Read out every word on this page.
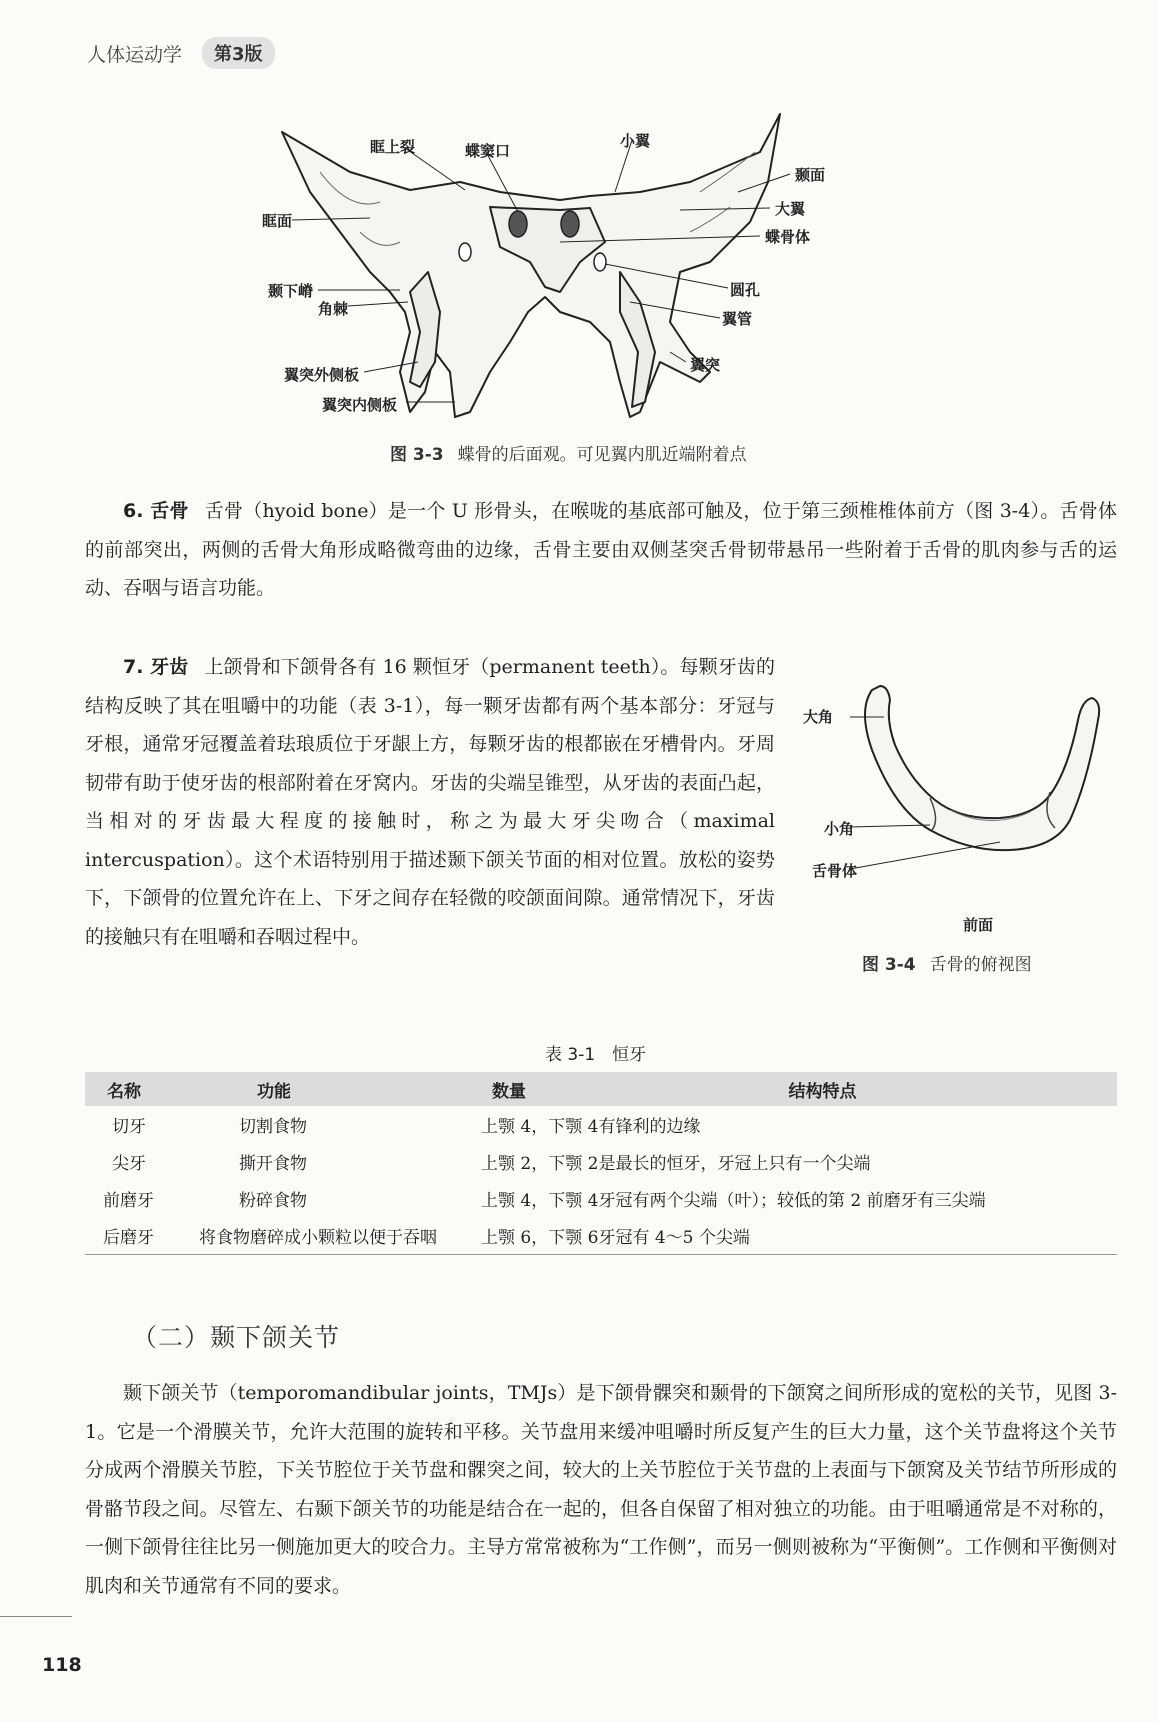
人体运动学	第3版
眶上裂	蝶窦口
小翼
颞面
大翼
蝶骨体
眶面
颞下嵴
角棘
圆孔
翼管
翼突
翼突外侧板
翼突内侧板
图 3-3 蝶骨的后面观。可见翼内肌近端附着点
6. 舌骨 舌骨（hyoid bone）是一个 U 形骨头，在喉咙的基底部可触及，位于第三颈椎椎体前方（图 3-4）。舌骨体的前部突出，两侧的舌骨大角形成略微弯曲的边缘，舌骨主要由双侧茎突舌骨韧带悬吊一些附着于舌骨的肌肉参与舌的运动、吞咽与语言功能。
7. 牙齿 上颌骨和下颌骨各有 16 颗恒牙（permanent teeth）。每颗牙齿的结构反映了其在咀嚼中的功能（表 3-1），每一颗牙齿都有两个基本部分：牙冠与牙根，通常牙冠覆盖着珐琅质位于牙龈上方，每颗牙齿的根都嵌在牙槽骨内。牙周韧带有助于使牙齿的根部附着在牙窝内。牙齿的尖端呈锥型，从牙齿的表面凸起，当相对的牙齿最大程度的接触时，称之为最大牙尖吻合（maximal intercuspation）。这个术语特别用于描述颞下颌关节面的相对位置。放松的姿势下，下颌骨的位置允许在上、下牙之间存在轻微的咬颌面间隙。通常情况下，牙齿的接触只有在咀嚼和吞咽过程中。
大角
小角
舌骨体
前面
图 3-4 舌骨的俯视图
表 3-1　恒牙
名称	功能	数量	结构特点
切牙	切割食物	上颚 4，下颚 4	有锋利的边缘
尖牙	撕开食物	上颚 2，下颚 2	是最长的恒牙，牙冠上只有一个尖端
前磨牙	粉碎食物	上颚 4，下颚 4	牙冠有两个尖端（叶）；较低的第 2 前磨牙有三尖端
后磨牙	将食物磨碎成小颗粒以便于吞咽	上颚 6，下颚 6	牙冠有 4～5 个尖端
（二）颞下颌关节
颞下颌关节（temporomandibular joints，TMJs）是下颌骨髁突和颞骨的下颌窝之间所形成的宽松的关节，见图 3-1。它是一个滑膜关节，允许大范围的旋转和平移。关节盘用来缓冲咀嚼时所反复产生的巨大力量，这个关节盘将这个关节分成两个滑膜关节腔，下关节腔位于关节盘和髁突之间，较大的上关节腔位于关节盘的上表面与下颌窝及关节结节所形成的骨骼节段之间。尽管左、右颞下颌关节的功能是结合在一起的，但各自保留了相对独立的功能。由于咀嚼通常是不对称的，一侧下颌骨往往比另一侧施加更大的咬合力。主导方常常被称为“工作侧”，而另一侧则被称为“平衡侧”。工作侧和平衡侧对肌肉和关节通常有不同的要求。
118
